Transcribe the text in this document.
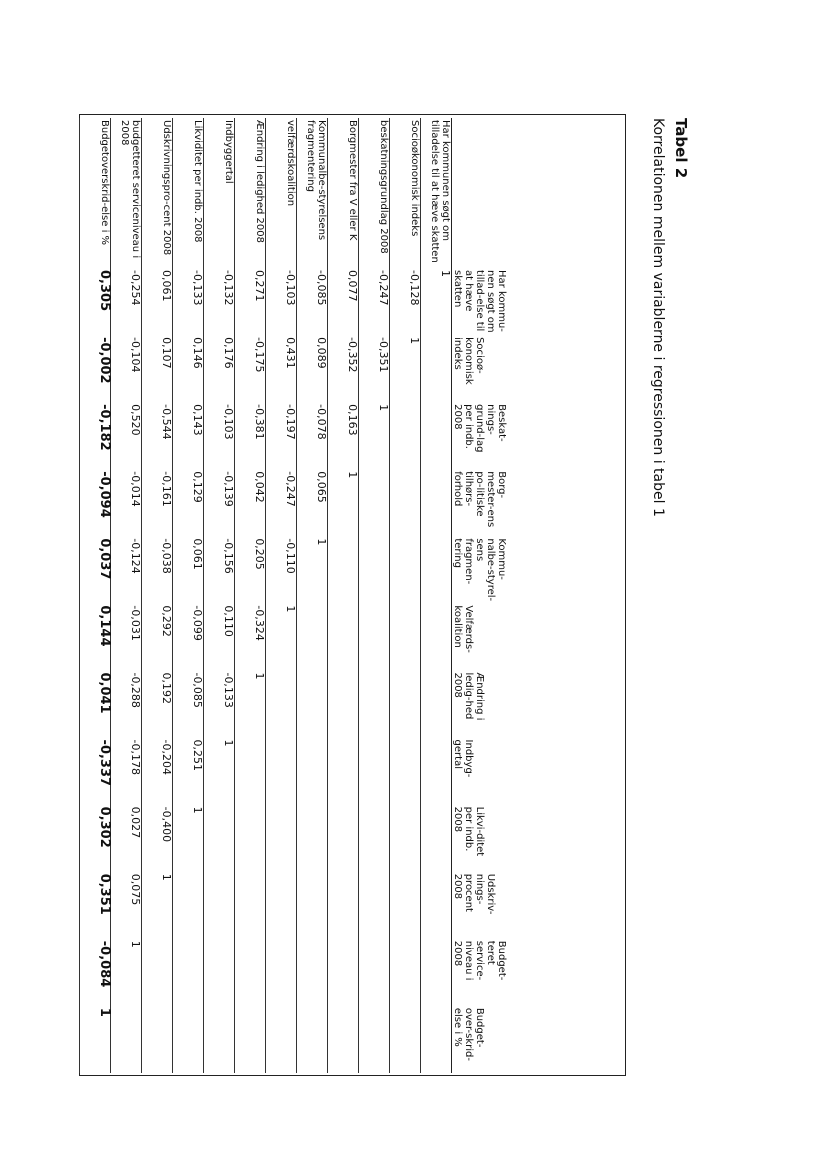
Tabel 2
Korrelationen mellem variablerne i regressionen i tabel 1
	Har kommu-nen søgt om tillad-else til at hæve skatten	Socioø-konomisk indeks	Beskat-nings-grund-lag per indb. 2008	Borg-mester-ens po-litiske tilhørs-forhold	Kommu-nalbe-styrel-sens fragmen-tering	Velfærds-koalition	Ændring i ledig-hed 2008	Indbyg-gertal	Likvi-ditet per indb. 2008	Udskriv-nings-procent 2008	Budget-teret service-niveau i 2008	Budget-over-skrid-else i %
Har kommunen søgt om tilladelse til at hæve skatten	1											
Socioøkonomisk indeks	-0,128	1										
beskatningsgrundlag 2008	-0,247	-0,351	1									
Borgmester fra V eller K	0,077	-0,352	0,163	1								
Kommunalbe-styrelsens fragmentering	-0,085	0,089	-0,078	0,065	1							
velfærdskoalition	-0,103	0,431	-0,197	-0,247	-0,110	1						
Ændring i ledighed 2008	0,271	-0,175	-0,381	0,042	0,205	-0,324	1					
Indbyggertal	-0,132	0,176	-0,103	-0,139	-0,156	0,110	-0,133	1				
Likviditet per indb. 2008	-0,133	0,146	0,143	0,129	0,061	-0,099	-0,085	0,251	1			
Udskrivningspro-cent 2008	0,061	0,107	-0,544	-0,161	-0,038	0,292	0,192	-0,204	-0,400	1		
budgetteret serviceniveau i 2008	-0,254	-0,104	0,520	-0,014	-0,124	-0,031	-0,288	-0,178	0,027	0,075	1	
Budgetoverskrid-else i %	0,305	-0,002	-0,182	-0,094	0,037	0,144	0,041	-0,337	0,302	0,351	-0,084	1
